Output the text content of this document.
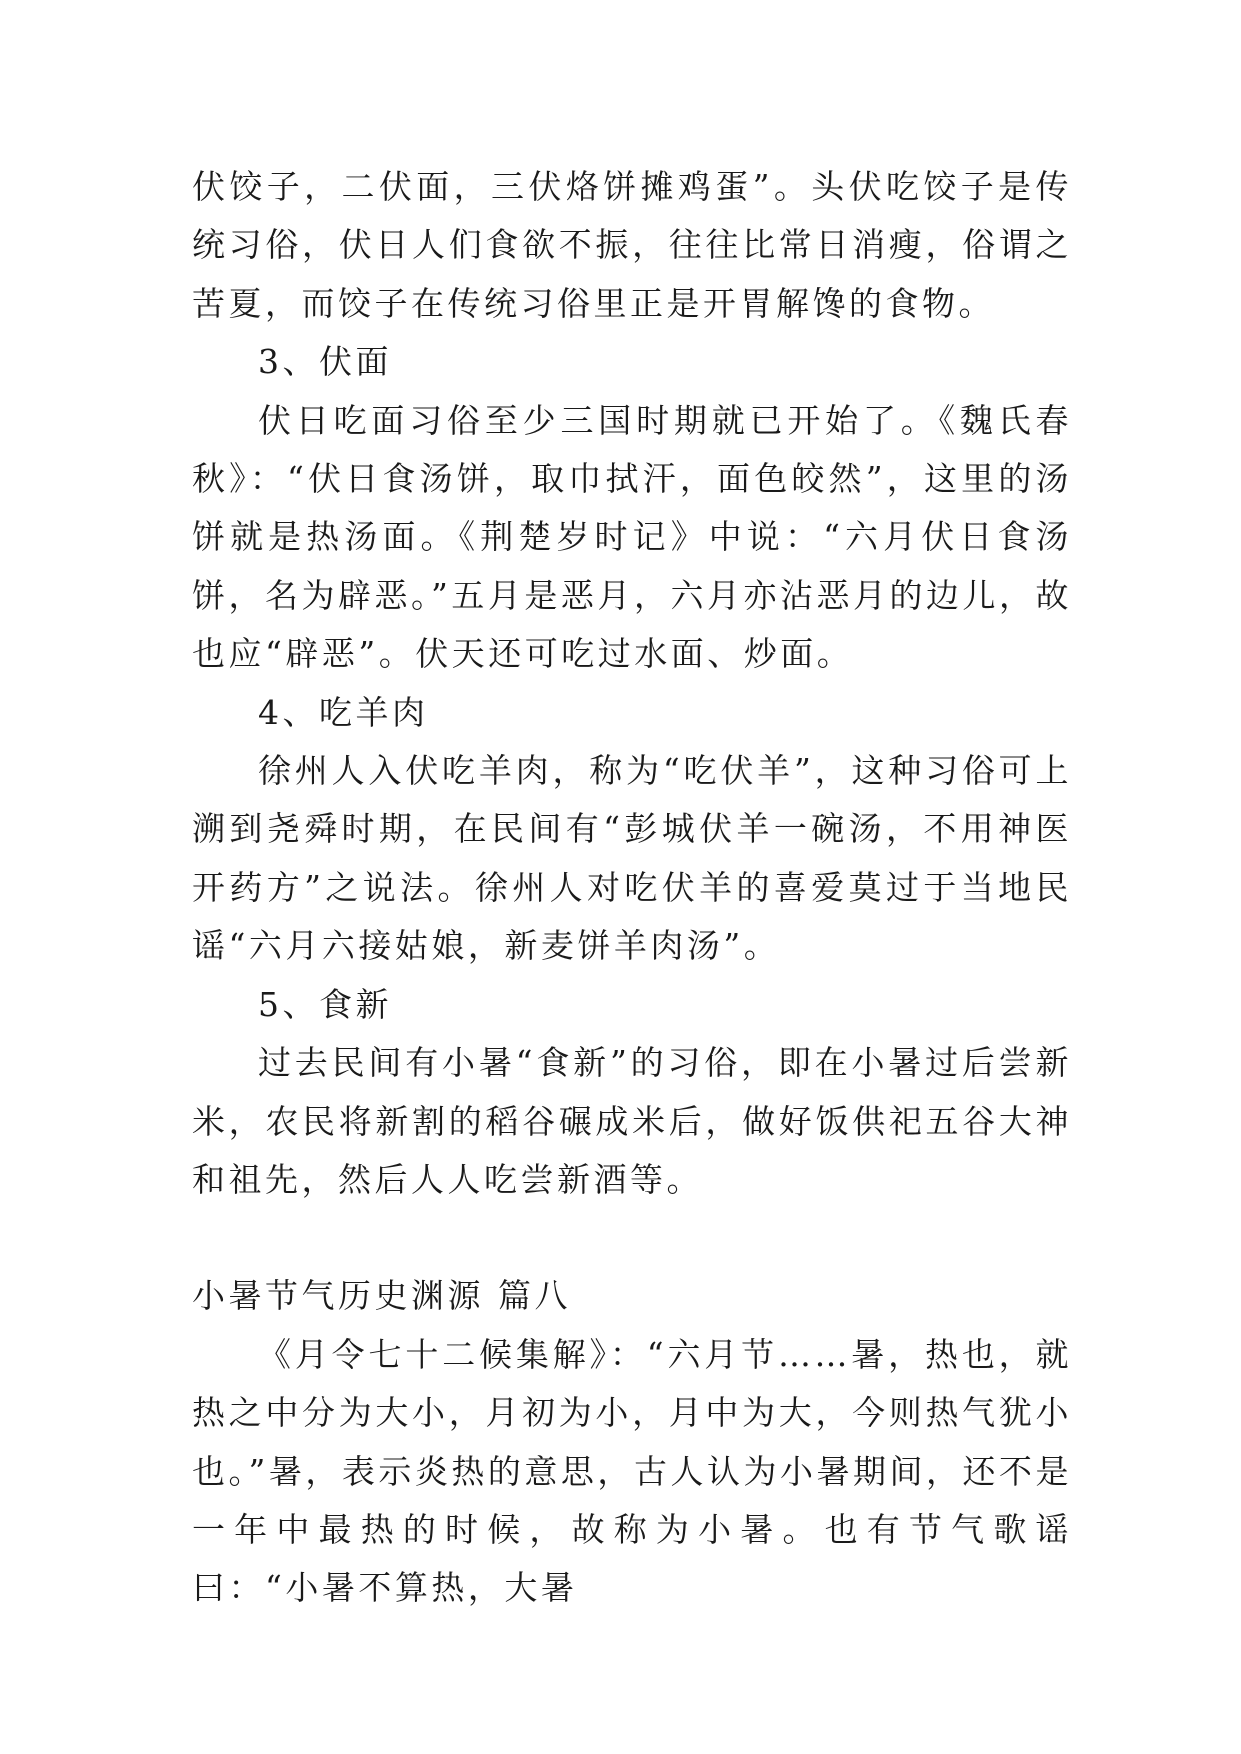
伏饺子，二伏面，三伏烙饼摊鸡蛋”。头伏吃饺子是传统习俗，伏日人们食欲不振，往往比常日消瘦，俗谓之苦夏，而饺子在传统习俗里正是开胃解馋的食物。

3、伏面

伏日吃面习俗至少三国时期就已开始了。《魏氏春秋》：“伏日食汤饼，取巾拭汗，面色皎然”，这里的汤饼就是热汤面。《荆楚岁时记》中说：“六月伏日食汤饼，名为辟恶。”五月是恶月，六月亦沾恶月的边儿，故也应“辟恶”。伏天还可吃过水面、炒面。

4、吃羊肉

徐州人入伏吃羊肉，称为“吃伏羊”，这种习俗可上溯到尧舜时期，在民间有“彭城伏羊一碗汤，不用神医开药方”之说法。徐州人对吃伏羊的喜爱莫过于当地民谣“六月六接姑娘，新麦饼羊肉汤”。

5、食新

过去民间有小暑“食新”的习俗，即在小暑过后尝新米，农民将新割的稻谷碾成米后，做好饭供祀五谷大神和祖先，然后人人吃尝新酒等。

小暑节气历史渊源 篇八

《月令七十二候集解》：“六月节……暑，热也，就热之中分为大小，月初为小，月中为大，今则热气犹小也。”暑，表示炎热的意思，古人认为小暑期间，还不是一年中最热的时候，故称为小暑。也有节气歌谣曰：“小暑不算热，大暑
